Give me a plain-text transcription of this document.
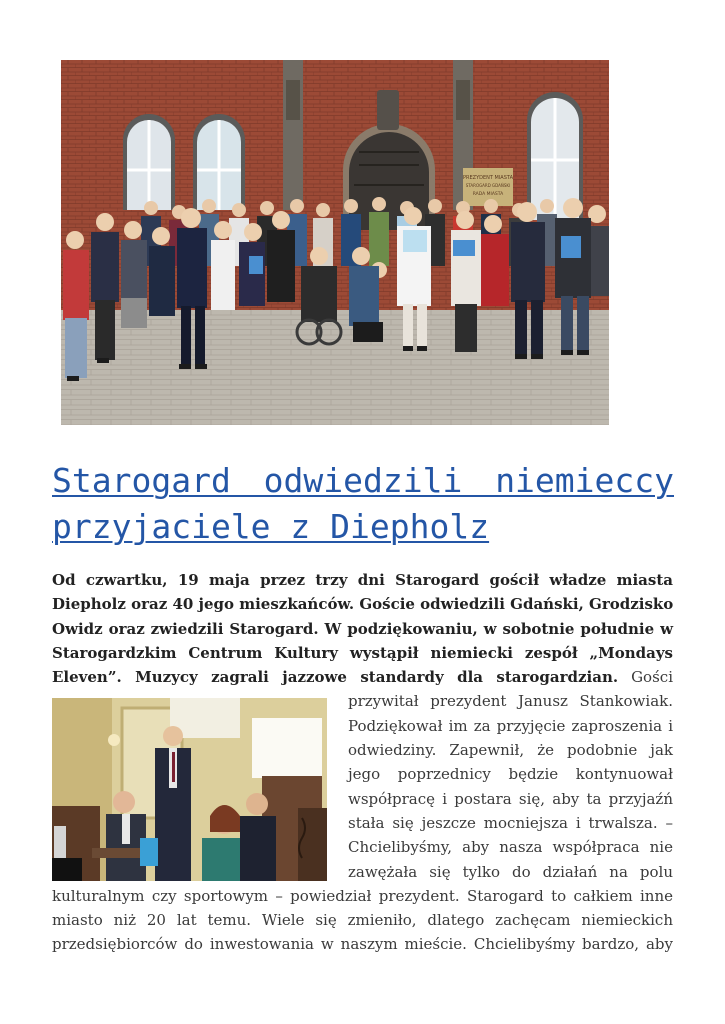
PREZYDENT MIASTA
STAROGARD GDAŃSKI
RADA MIASTA
Starogard odwiedzili niemieccy
przyjaciele z Diepholz
Od czwartku, 19 maja przez trzy dni Starogard gościł władze miasta
Diepholz oraz 40 jego mieszkańców. Goście odwiedzili Gdański, Grodzisko
Owidz oraz zwiedzili Starogard. W podziękowaniu, w sobotnie południe w
Starogardzkim Centrum Kultury wystąpił niemiecki zespół „Mondays
Eleven”. Muzycy zagrali jazzowe standardy dla starogardzian. Gości
przywitał prezydent Janusz Stankowiak.
Podziękował im za przyjęcie zaproszenia i
odwiedziny. Zapewnił, że podobnie jak
jego poprzednicy będzie kontynuował
współpracę i postara się, aby ta przyjaźń
stała się jeszcze mocniejsza i trwalsza. –
Chcielibyśmy, aby nasza współpraca nie
zawężała się tylko do działań na polu
kulturalnym czy sportowym – powiedział prezydent. Starogard to całkiem inne
miasto niż 20 lat temu. Wiele się zmieniło, dlatego zachęcam niemieckich
przedsiębiorców do inwestowania w naszym mieście. Chcielibyśmy bardzo, aby
